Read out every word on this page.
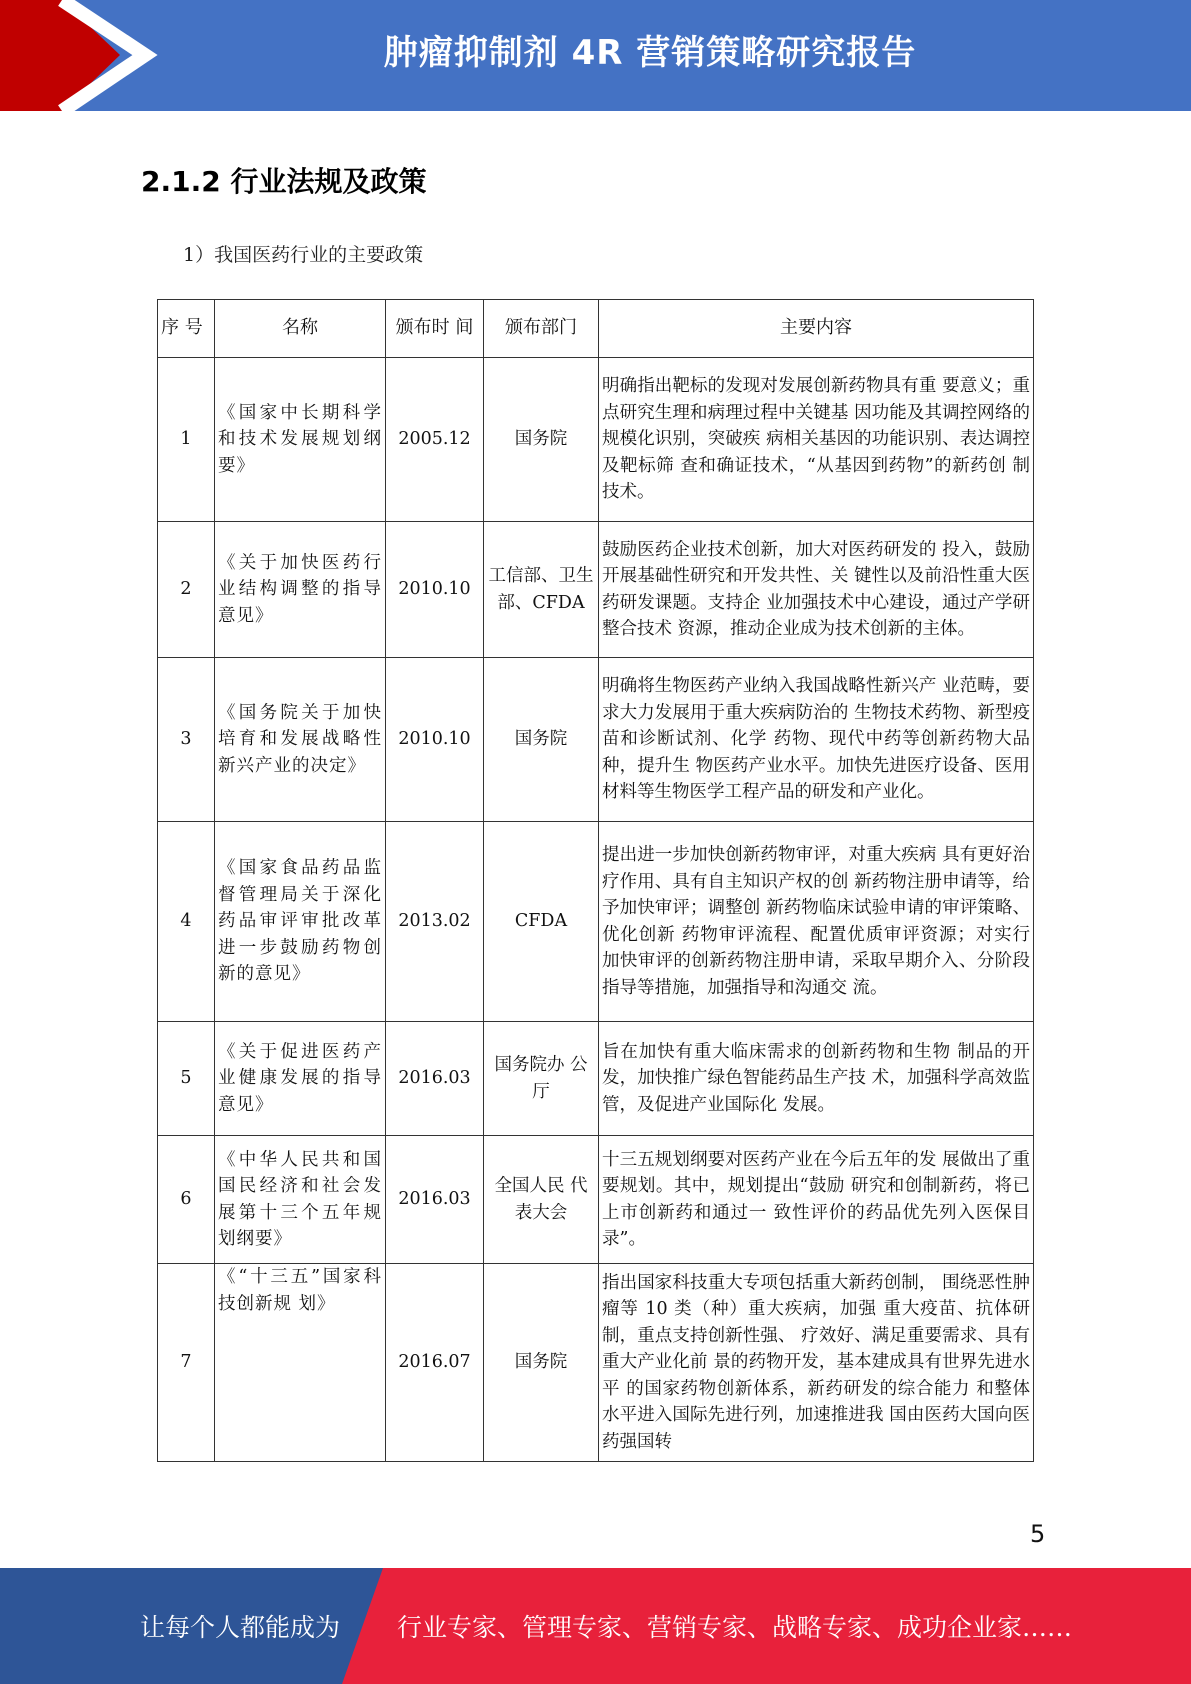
肿瘤抑制剂 4R 营销策略研究报告
2.1.2 行业法规及政策
1）我国医药行业的主要政策
序 号	名称	颁布时 间	颁布部门	主要内容
1	《国家中长期科学和技术发展规划纲要》	2005.12	国务院	明确指出靶标的发现对发展创新药物具有重 要意义；重点研究生理和病理过程中关键基 因功能及其调控网络的规模化识别，突破疾 病相关基因的功能识别、表达调控及靶标筛 查和确证技术，“从基因到药物”的新药创 制技术。
2	《关于加快医药行业结构调整的指导意见》	2010.10	工信部、卫生部、CFDA	鼓励医药企业技术创新，加大对医药研发的 投入，鼓励开展基础性研究和开发共性、关 键性以及前沿性重大医药研发课题。支持企 业加强技术中心建设，通过产学研整合技术 资源，推动企业成为技术创新的主体。
3	《国务院关于加快培育和发展战略性新兴产业的决定》	2010.10	国务院	明确将生物医药产业纳入我国战略性新兴产 业范畴，要求大力发展用于重大疾病防治的 生物技术药物、新型疫苗和诊断试剂、化学 药物、现代中药等创新药物大品种，提升生 物医药产业水平。加快先进医疗设备、医用 材料等生物医学工程产品的研发和产业化。
4	《国家食品药品监督管理局关于深化药品审评审批改革进一步鼓励药物创新的意见》	2013.02	CFDA	提出进一步加快创新药物审评，对重大疾病 具有更好治疗作用、具有自主知识产权的创 新药物注册申请等，给予加快审评；调整创 新药物临床试验申请的审评策略、优化创新 药物审评流程、配置优质审评资源；对实行 加快审评的创新药物注册申请，采取早期介入、分阶段指导等措施，加强指导和沟通交 流。
5	《关于促进医药产业健康发展的指导意见》	2016.03	国务院办 公厅	旨在加快有重大临床需求的创新药物和生物 制品的开发，加快推广绿色智能药品生产技 术，加强科学高效监管，及促进产业国际化 发展。
6	《中华人民共和国国民经济和社会发展第十三个五年规划纲要》	2016.03	全国人民 代表大会	十三五规划纲要对医药产业在今后五年的发 展做出了重要规划。其中，规划提出“鼓励 研究和创制新药，将已上市创新药和通过一 致性评价的药品优先列入医保目录”。
7	《“十三五”国家科技创新规 划》	2016.07	国务院	指出国家科技重大专项包括重大新药创制， 围绕恶性肿瘤等 10 类（种）重大疾病，加强 重大疫苗、抗体研制，重点支持创新性强、 疗效好、满足重要需求、具有重大产业化前 景的药物开发，基本建成具有世界先进水平 的国家药物创新体系，新药研发的综合能力 和整体水平进入国际先进行列，加速推进我 国由医药大国向医药强国转
5
让每个人都能成为 行业专家、管理专家、营销专家、战略专家、成功企业家……
